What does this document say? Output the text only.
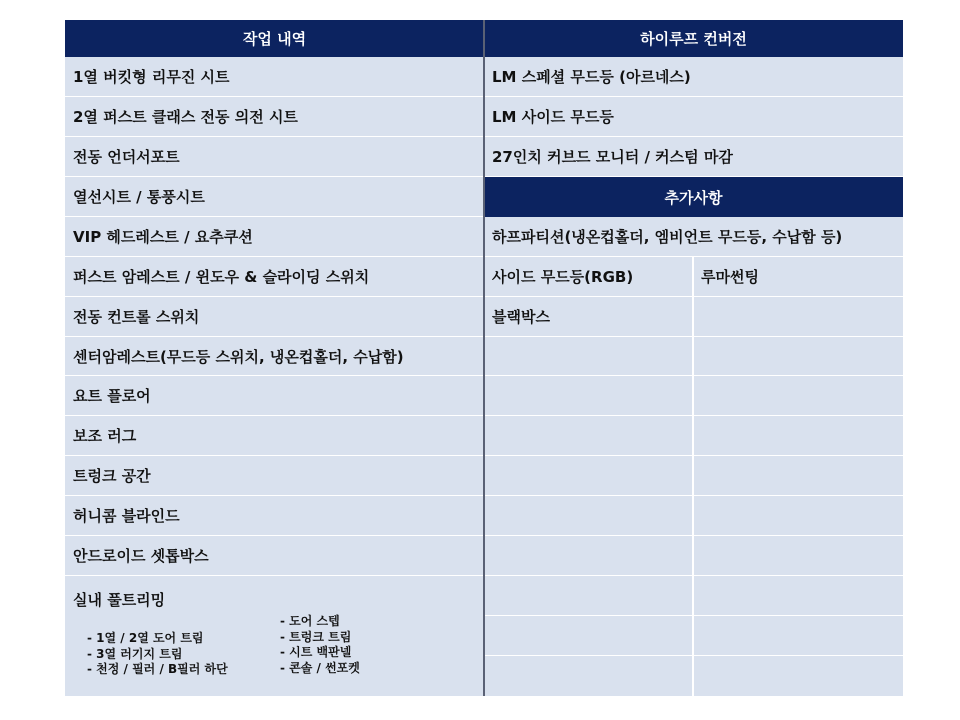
작업 내역	하이루프 컨버전
1열 버킷형 리무진 시트
2열 퍼스트 클래스 전동 의전 시트
전동 언더서포트
열선시트 / 통풍시트
VIP 헤드레스트 / 요추쿠션
퍼스트 암레스트 / 윈도우 & 슬라이딩 스위치
전동 컨트롤 스위치
센터암레스트(무드등 스위치, 냉온컵홀더, 수납함)
요트 플로어
보조 러그
트렁크 공간
허니콤 블라인드
안드로이드 셋톱박스
실내 풀트리밍
- 1열 / 2열 도어 트림
- 3열 러기지 트림
- 천정 / 필러 / B필러 하단
- 도어 스텝
- 트렁크 트림
- 시트 백판넬
- 콘솔 / 썬포켓
LM 스페셜 무드등 (아르네스)
LM 사이드 무드등
27인치 커브드 모니터 / 커스텀 마감
추가사항
하프파티션(냉온컵홀더, 엠비언트 무드등, 수납함 등)
사이드 무드등(RGB)	루마썬팅
블랙박스
